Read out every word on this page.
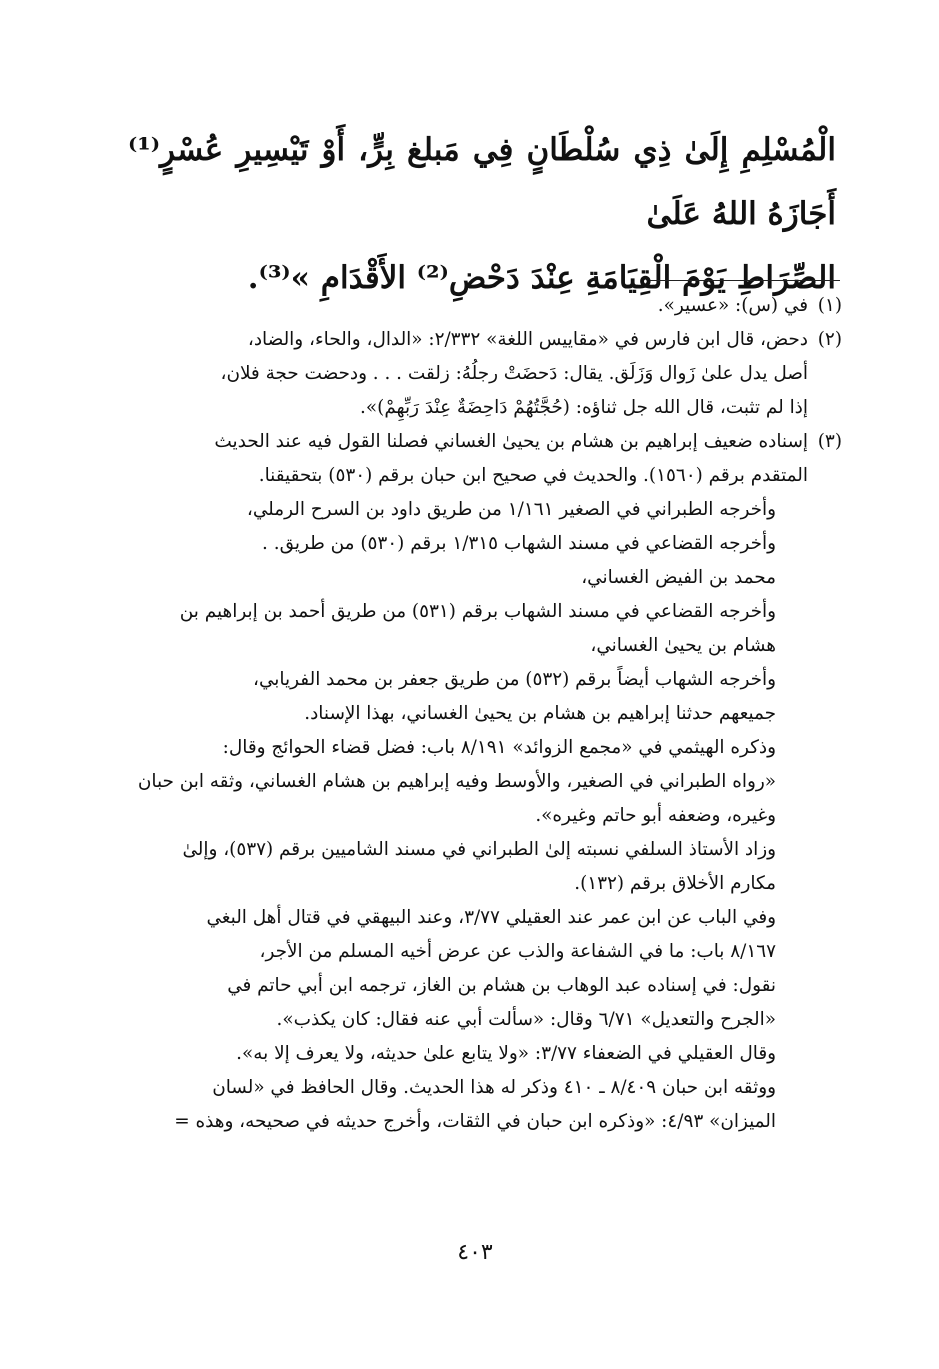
الْمُسْلِمِ إِلَىٰ ذِي سُلْطَانٍ فِي مَبلغ بِرٍّ، أَوْ تَيْسِيرِ عُسْرٍ⁽¹⁾ أَجَازَهُ اللهُ عَلَىٰ
الصِّرَاطِ يَوْمَ الْقِيَامَةِ عِنْدَ دَحْضِ⁽²⁾ الأَقْدَامِ »⁽³⁾.
(١)
في (س): «عسير».
(٢)
دحض، قال ابن فارس في «مقاييس اللغة» ٢/٣٣٢: «الدال، والحاء، والضاد،
أصل يدل علىٰ زَوال وَزَلَق. يقال: دَحضَتْ رجلُهُ: زلقت . . . ودحضت حجة فلان،
إذا لم تثبت، قال الله جل ثناؤه: (حُجَّتُهُمْ دَاحِضَةٌ عِنْدَ رَبِّهِمْ)».
(٣)
إسناده ضعيف إبراهيم بن هشام بن يحيىٰ الغساني فصلنا القول فيه عند الحديث
المتقدم برقم (١٥٦٠). والحديث في صحيح ابن حبان برقم (٥٣٠) بتحقيقنا.
وأخرجه الطبراني في الصغير ١/١٦١ من طريق داود بن السرح الرملي،
وأخرجه القضاعي في مسند الشهاب ١/٣١٥ برقم (٥٣٠) من طريق. .
محمد بن الفيض الغساني،
وأخرجه القضاعي في مسند الشهاب برقم (٥٣١) من طريق أحمد بن إبراهيم بن
هشام بن يحيىٰ الغساني،
وأخرجه الشهاب أيضاً برقم (٥٣٢) من طريق جعفر بن محمد الفريابي،
جميعهم حدثنا إبراهيم بن هشام بن يحيىٰ الغساني، بهذا الإسناد.
وذكره الهيثمي في «مجمع الزوائد» ٨/١٩١ باب: فضل قضاء الحوائج وقال:
«رواه الطبراني في الصغير، والأوسط وفيه إبراهيم بن هشام الغساني، وثقه ابن حبان
وغيره، وضعفه أبو حاتم وغيره».
وزاد الأستاذ السلفي نسبته إلىٰ الطبراني في مسند الشاميين برقم (٥٣٧)، وإلىٰ
مكارم الأخلاق برقم (١٣٢).
وفي الباب عن ابن عمر عند العقيلي ٣/٧٧، وعند البيهقي في قتال أهل البغي
٨/١٦٧ باب: ما في الشفاعة والذب عن عرض أخيه المسلم من الأجر،
نقول: في إسناده عبد الوهاب بن هشام بن الغاز، ترجمه ابن أبي حاتم في
«الجرح والتعديل» ٦/٧١ وقال: «سألت أبي عنه فقال: كان يكذب».
وقال العقيلي في الضعفاء ٣/٧٧: «ولا يتابع علىٰ حديثه، ولا يعرف إلا به».
ووثقه ابن حبان ٨/٤٠٩ ـ ٤١٠ وذكر له هذا الحديث. وقال الحافظ في «لسان
الميزان» ٤/٩٣: «وذكره ابن حبان في الثقات، وأخرج حديثه في صحيحه، وهذه =
٤٠٣
